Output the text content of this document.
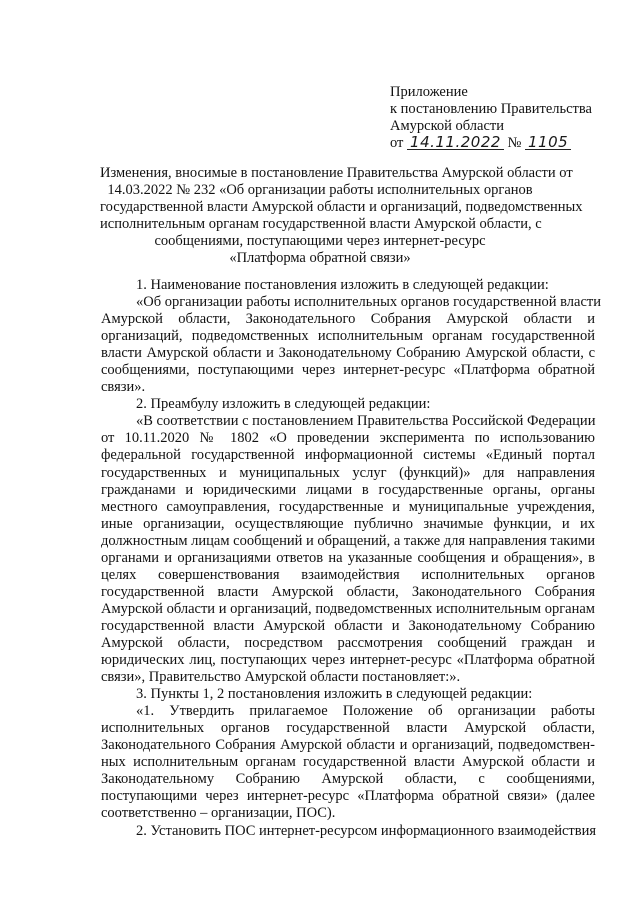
Приложение
к постановлению Правительства
Амурской области
от 14.11.2022 № 1105
Изменения, вносимые в постановление Правительства Амурской области от
14.03.2022 № 232 «Об организации работы исполнительных органов
государственной власти Амурской области и организаций, подведомственных
исполнительным органам государственной власти Амурской области, с
сообщениями, поступающими через интернет-ресурс
«Платформа обратной связи»
1. Наименование постановления изложить в следующей редакции:
«Об организации работы исполнительных органов государственной власти
Амурской области, Законодательного Собрания Амурской области и
организаций, подведомственных исполнительным органам государственной
власти Амурской области и Законодательному Собранию Амурской области, с
сообщениями, поступающими через интернет-ресурс «Платформа обратной
связи».
2. Преамбулу изложить в следующей редакции:
«В соответствии с постановлением Правительства Российской Федерации
от 10.11.2020 № 1802 «О проведении эксперимента по использованию
федеральной государственной информационной системы «Единый портал
государственных и муниципальных услуг (функций)» для направления
гражданами и юридическими лицами в государственные органы, органы
местного самоуправления, государственные и муниципальные учреждения,
иные организации, осуществляющие публично значимые функции, и их
должностным лицам сообщений и обращений, а также для направления такими
органами и организациями ответов на указанные сообщения и обращения», в
целях совершенствования взаимодействия исполнительных органов
государственной власти Амурской области, Законодательного Собрания
Амурской области и организаций, подведомственных исполнительным органам
государственной власти Амурской области и Законодательному Собранию
Амурской области, посредством рассмотрения сообщений граждан и
юридических лиц, поступающих через интернет-ресурс «Платформа обратной
связи», Правительство Амурской области постановляет:».
3. Пункты 1, 2 постановления изложить в следующей редакции:
«1. Утвердить прилагаемое Положение об организации работы
исполнительных органов государственной власти Амурской области,
Законодательного Собрания Амурской области и организаций, подведомствен-
ных исполнительным органам государственной власти Амурской области и
Законодательному Собранию Амурской области, с сообщениями,
поступающими через интернет-ресурс «Платформа обратной связи» (далее
соответственно – организации, ПОС).
2. Установить ПОС интернет-ресурсом информационного взаимодействия
